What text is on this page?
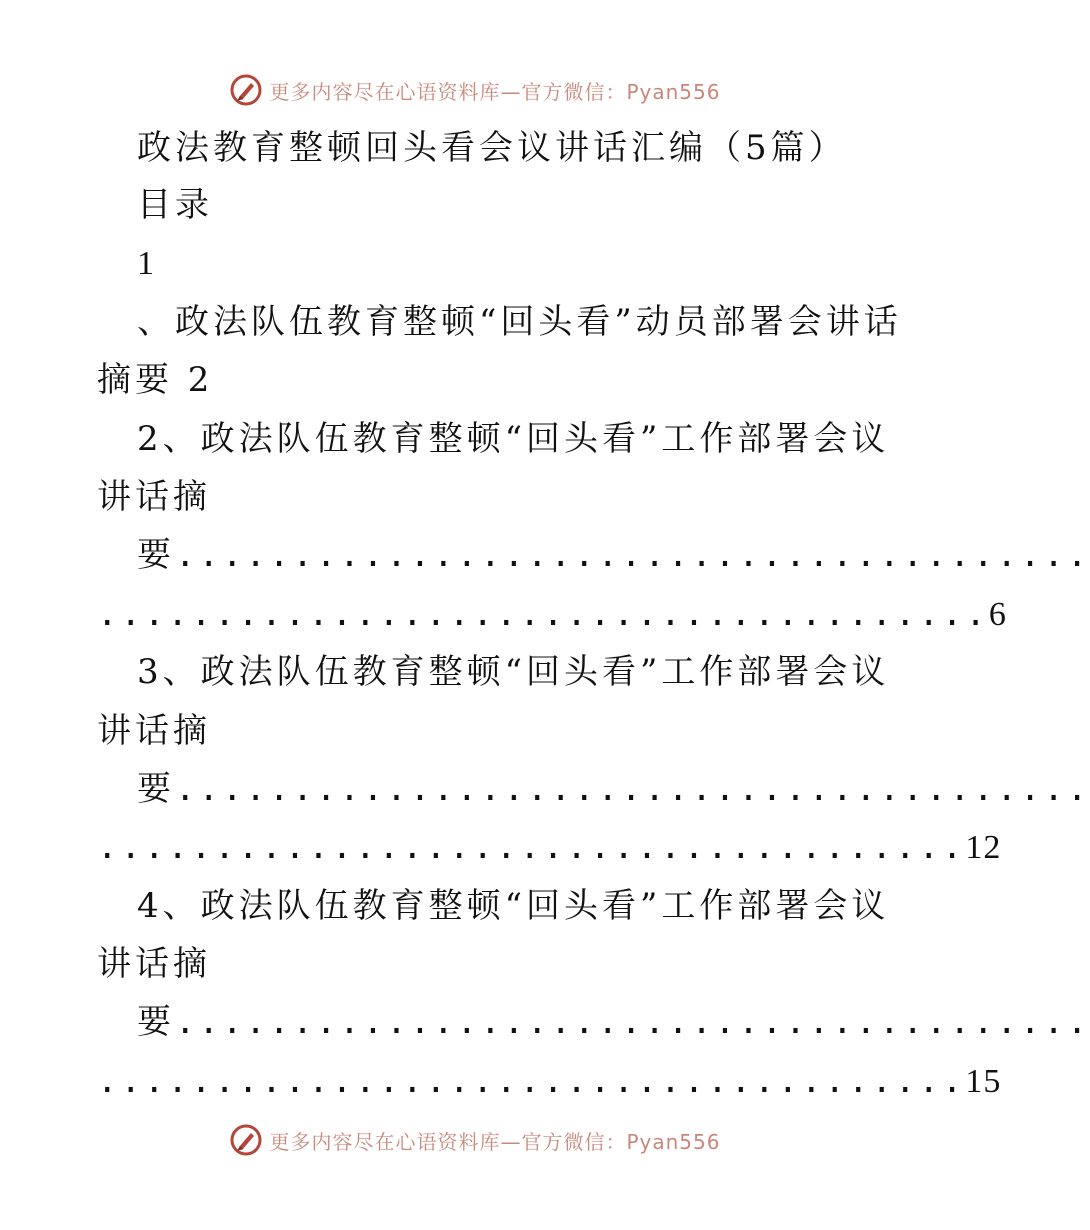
更多内容尽在心语资料库—官方微信：Pyan556
政法教育整顿回头看会议讲话汇编（5篇）
目录
1
、政法队伍教育整顿“回头看”动员部署会讲话
摘要 2
2、政法队伍教育整顿“回头看”工作部署会议
讲话摘
要.......................................
......................................6
3、政法队伍教育整顿“回头看”工作部署会议
讲话摘
要.......................................
.....................................12
4、政法队伍教育整顿“回头看”工作部署会议
讲话摘
要.......................................
.....................................15
更多内容尽在心语资料库—官方微信：Pyan556
